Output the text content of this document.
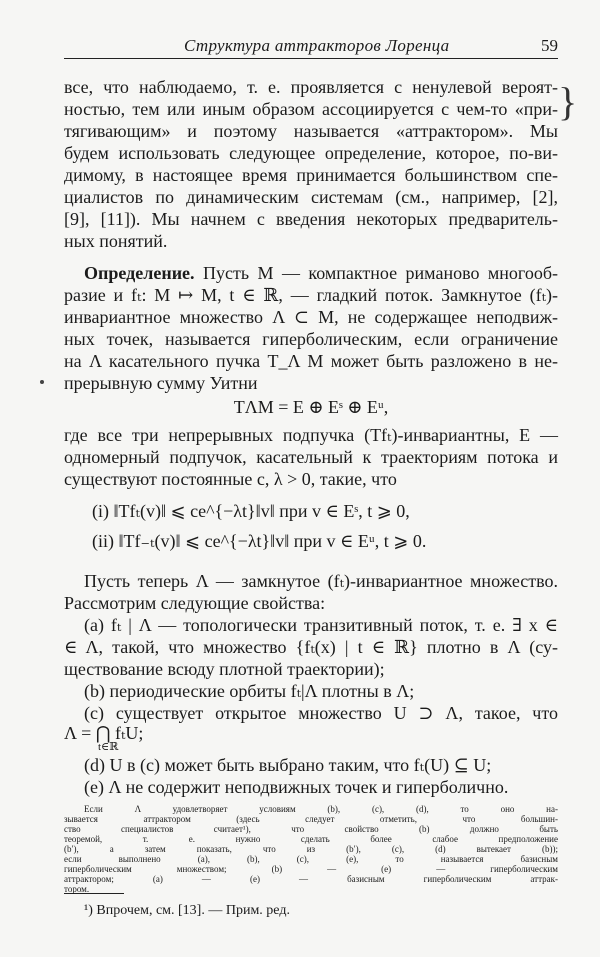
Структура аттракторов Лоренца	59
}
все, что наблюдаемо, т. е. проявляется с ненулевой вероят-
ностью, тем или иным образом ассоциируется с чем-то «при-
тягивающим» и поэтому называется «аттрактором». Мы
будем использовать следующее определение, которое, по-ви-
димому, в настоящее время принимается большинством спе-
циалистов по динамическим системам (см., например, [2],
[9], [11]). Мы начнем с введения некоторых предваритель-
ных понятий.
Определение. Пусть M — компактное риманово многооб-
разие и fₜ: M ↦ M, t ∈ ℝ, — гладкий поток. Замкнутое (fₜ)-
инвариантное множество Λ ⊂ M, не содержащее неподвиж-
ных точек, называется гиперболическим, если ограничение
на Λ касательного пучка T_Λ M может быть разложено в не-
прерывную сумму Уитни
TΛM = E ⊕ Eˢ ⊕ Eᵘ,
где все три непрерывных подпучка (Tfₜ)-инвариантны, E —
одномерный подпучок, касательный к траекториям потока и
существуют постоянные c, λ > 0, такие, что
(i) ‖Tfₜ(v)‖ ⩽ ce^{−λt}‖v‖ при v ∈ Eˢ, t ⩾ 0,
(ii) ‖Tf₋ₜ(v)‖ ⩽ ce^{−λt}‖v‖ при v ∈ Eᵘ, t ⩾ 0.
Пусть теперь Λ — замкнутое (fₜ)-инвариантное множество.
Рассмотрим следующие свойства:
(а) fₜ | Λ — топологически транзитивный поток, т. е. ∃ x ∈
∈ Λ, такой, что множество {fₜ(x) | t ∈ ℝ} плотно в Λ (су-
ществование всюду плотной траектории);
(b) периодические орбиты fₜ|Λ плотны в Λ;
(c) существует открытое множество U ⊃ Λ, такое, что
Λ = ⋂ fₜU;
t∈ℝ
(d) U в (c) может быть выбрано таким, что fₜ(U) ⊆ U;
(e) Λ не содержит неподвижных точек и гиперболично.
¹) Впрочем, см. [13]. — Прим. ред.
Если Λ удовлетворяет условиям (b), (c), (d), то оно на-
зывается аттрактором (здесь следует отметить, что большин-
ство специалистов считает¹), что свойство (b) должно быть
теоремой, т. е. нужно сделать более слабое предположение
(b′), а затем показать, что из (b′), (c), (d) вытекает (b));
если выполнено (а), (b), (c), (e), то называется базисным
гиперболическим множеством; (b) — (e) — гиперболическим
аттрактором; (а) — (e) — базисным гиперболическим аттрак-
тором.
